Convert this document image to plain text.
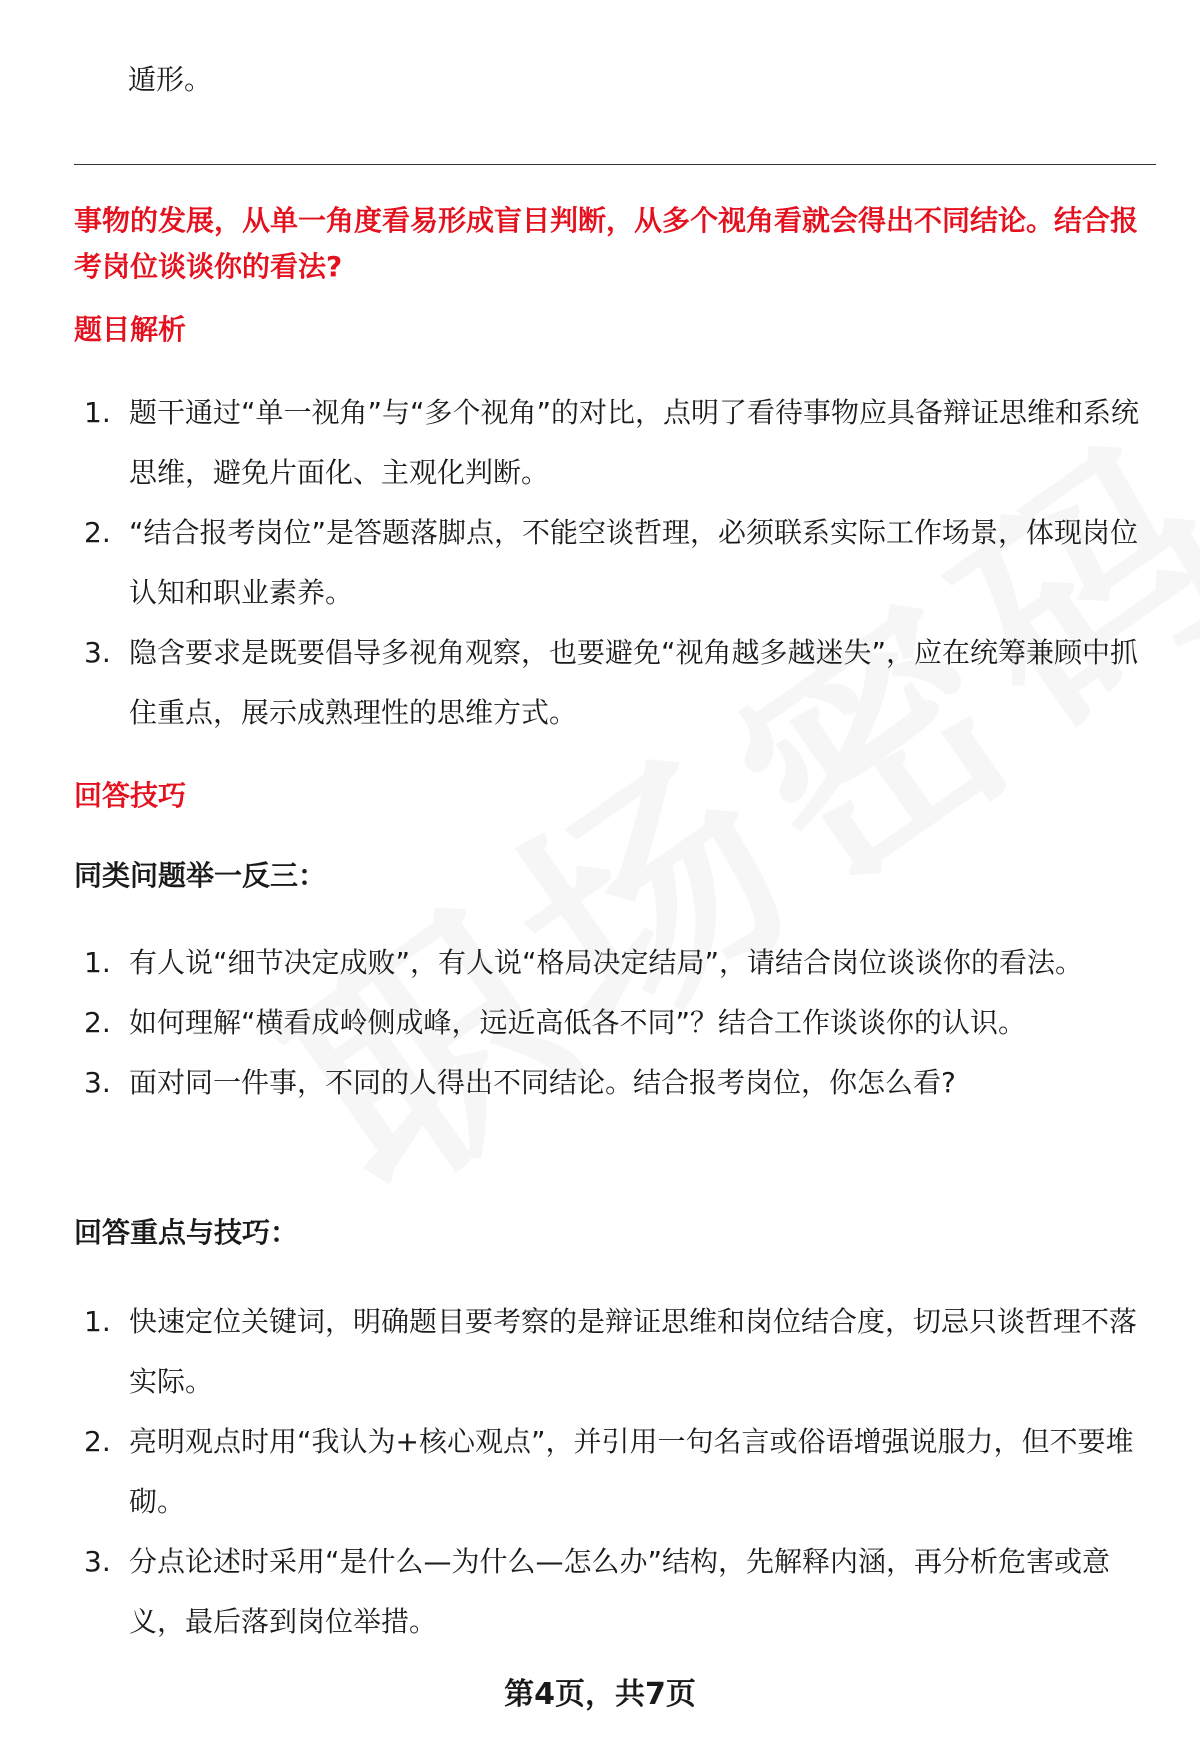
遁形。
事物的发展，从单一角度看易形成盲目判断，从多个视角看就会得出不同结论。结合报考岗位谈谈你的看法?
题目解析
1. 题干通过“单一视角”与“多个视角”的对比，点明了看待事物应具备辩证思维和系统思维，避免片面化、主观化判断。
2. “结合报考岗位”是答题落脚点，不能空谈哲理，必须联系实际工作场景，体现岗位认知和职业素养。
3. 隐含要求是既要倡导多视角观察，也要避免“视角越多越迷失”，应在统筹兼顾中抓住重点，展示成熟理性的思维方式。
回答技巧
同类问题举一反三：
1. 有人说“细节决定成败”，有人说“格局决定结局”，请结合岗位谈谈你的看法。
2. 如何理解“横看成岭侧成峰，远近高低各不同”？结合工作谈谈你的认识。
3. 面对同一件事，不同的人得出不同结论。结合报考岗位，你怎么看?
回答重点与技巧：
1. 快速定位关键词，明确题目要考察的是辩证思维和岗位结合度，切忌只谈哲理不落实际。
2. 亮明观点时用“我认为+核心观点”，并引用一句名言或俗语增强说服力，但不要堆砌。
3. 分点论述时采用“是什么—为什么—怎么办”结构，先解释内涵，再分析危害或意义，最后落到岗位举措。
第4页，共7页
